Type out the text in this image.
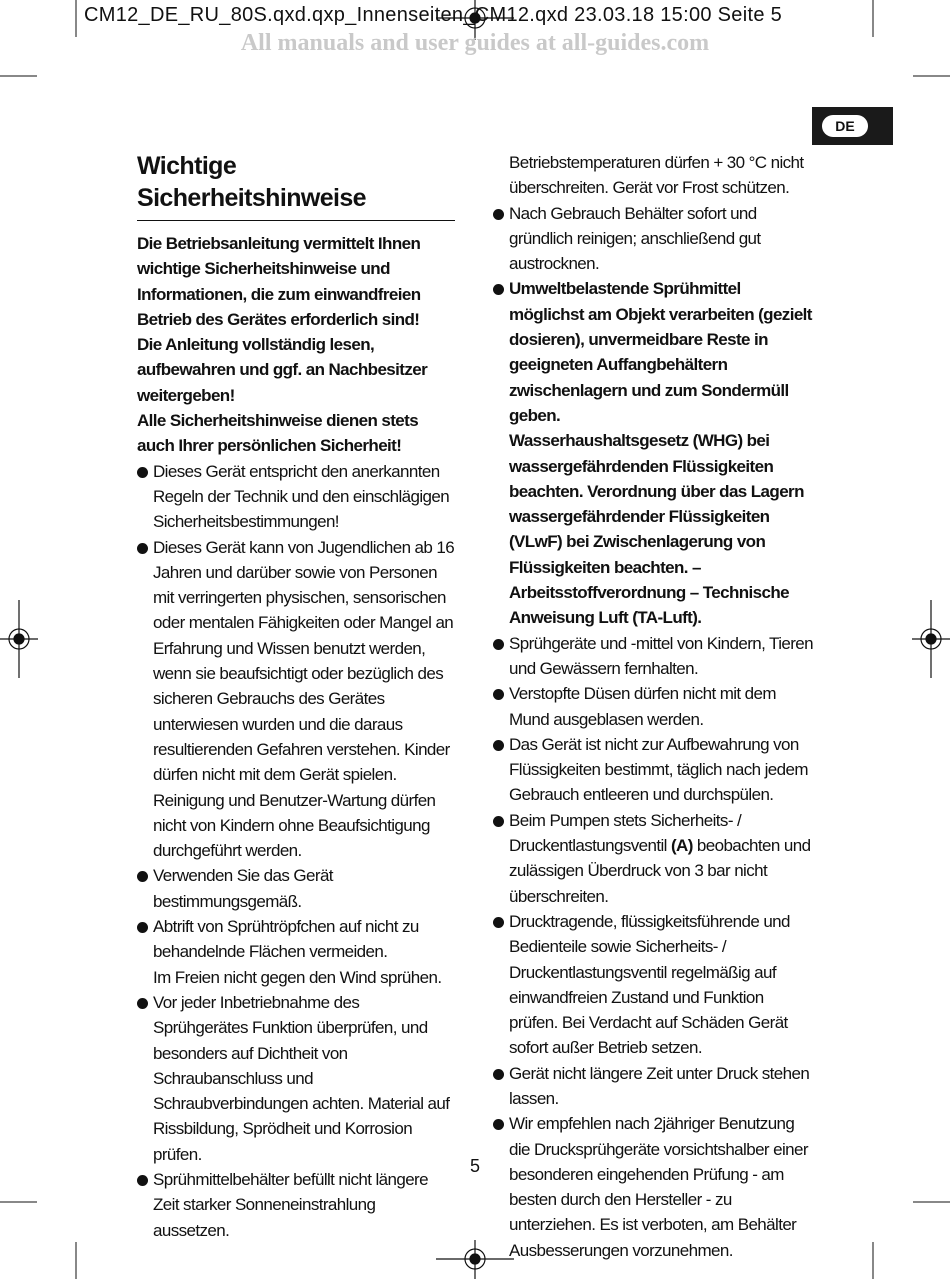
CM12_DE_RU_80S.qxd.qxp_Innenseiten_CM12.qxd 23.03.18 15:00 Seite 5
All manuals and user guides at all-guides.com
DE
Wichtige Sicherheitshinweise

Die Betriebsanleitung vermittelt Ihnen wichtige Sicherheitshinweise und Informationen, die zum einwandfreien Betrieb des Gerätes erforderlich sind!

Die Anleitung vollständig lesen, aufbewahren und ggf. an Nachbesitzer weitergeben!

Alle Sicherheitshinweise dienen stets auch Ihrer persönlichen Sicherheit!

Dieses Gerät entspricht den anerkannten Regeln der Technik und den einschlägigen Sicherheitsbestimmungen!
Dieses Gerät kann von Jugendlichen ab 16 Jahren und darüber sowie von Personen mit verringerten physischen, sensorischen oder mentalen Fähigkeiten oder Mangel an Erfahrung und Wissen benutzt werden, wenn sie beaufsichtigt oder bezüglich des sicheren Gebrauchs des Gerätes unterwiesen wurden und die daraus resultierenden Gefahren verstehen. Kinder dürfen nicht mit dem Gerät spielen. Reinigung und Benutzer-Wartung dürfen nicht von Kindern ohne Beaufsichtigung durchgeführt werden.
Verwenden Sie das Gerät bestimmungsgemäß.
Abtrift von Sprühtröpfchen auf nicht zu behandelnde Flächen vermeiden.
Im Freien nicht gegen den Wind sprühen.
Vor jeder Inbetriebnahme des Sprühgerätes Funktion überprüfen, und besonders auf Dichtheit von Schraubanschluss und Schraubverbindungen achten. Material auf Rissbildung, Sprödheit und Korrosion prüfen.
Sprühmittelbehälter befüllt nicht längere Zeit starker Sonneneinstrahlung aussetzen.

Betriebstemperaturen dürfen + 30 °C nicht überschreiten. Gerät vor Frost schützen.

Nach Gebrauch Behälter sofort und gründlich reinigen; anschließend gut austrocknen.
Umweltbelastende Sprühmittel möglichst am Objekt verarbeiten (gezielt dosieren), unvermeidbare Reste in geeigneten Auffangbehältern zwischenlagern und zum Sondermüll geben.
Wasserhaushaltsgesetz (WHG) bei wassergefährdenden Flüssigkeiten beachten. Verordnung über das Lagern wassergefährdender Flüssigkeiten (VLwF) bei Zwischenlagerung von Flüssigkeiten beachten. – Arbeitsstoffverordnung – Technische Anweisung Luft (TA-Luft).
Sprühgeräte und -mittel von Kindern, Tieren und Gewässern fernhalten.
Verstopfte Düsen dürfen nicht mit dem Mund ausgeblasen werden.
Das Gerät ist nicht zur Aufbewahrung von Flüssigkeiten bestimmt, täglich nach jedem Gebrauch entleeren und durchspülen.
Beim Pumpen stets Sicherheits- / Druckentlastungsventil (A) beobachten und zulässigen Überdruck von 3 bar nicht überschreiten.
Drucktragende, flüssigkeitsführende und Bedienteile sowie Sicherheits- / Druckentlastungsventil regelmäßig auf einwandfreien Zustand und Funktion prüfen. Bei Verdacht auf Schäden Gerät sofort außer Betrieb setzen.
Gerät nicht längere Zeit unter Druck stehen lassen.
Wir empfehlen nach 2jähriger Benutzung die Drucksprühgeräte vorsichtshalber einer besonderen eingehenden Prüfung - am besten durch den Hersteller - zu unterziehen. Es ist verboten, am Behälter Ausbesserungen vorzunehmen.
5
